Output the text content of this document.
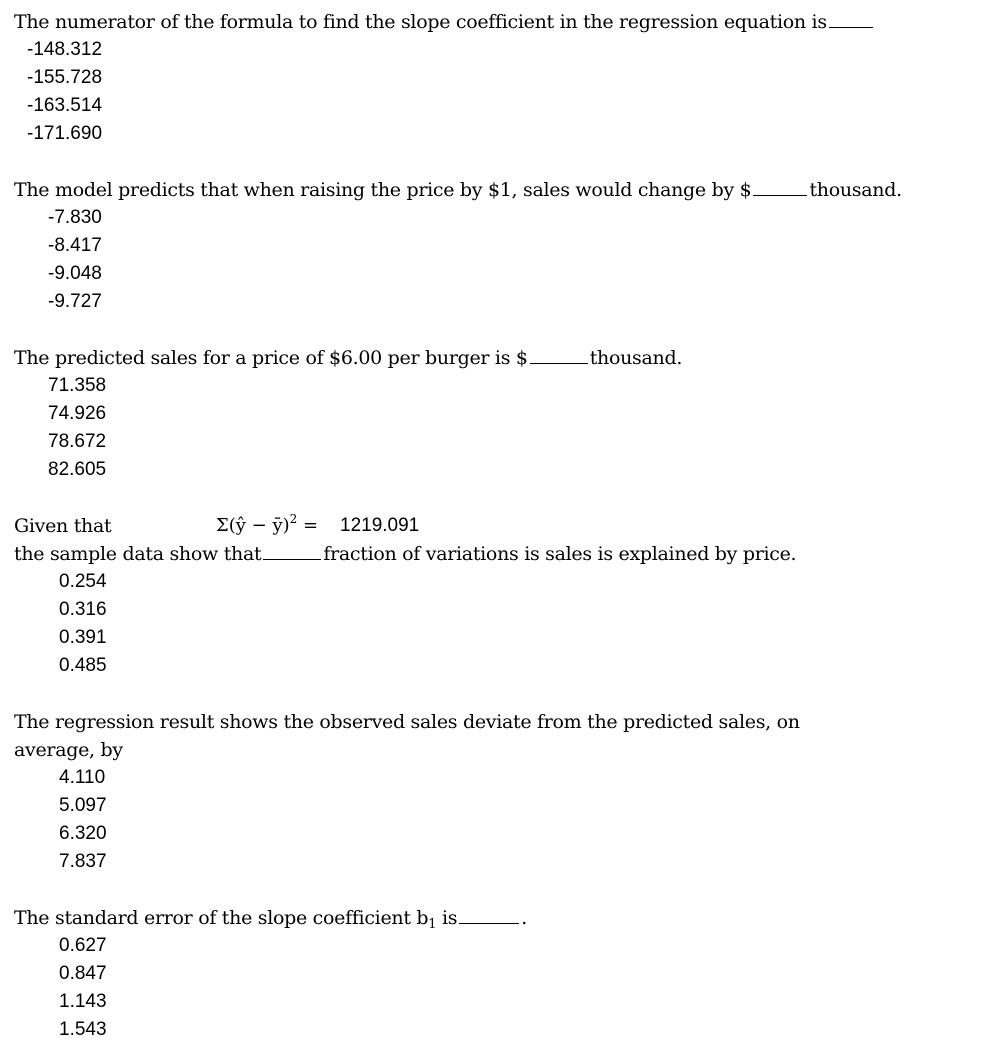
The numerator of the formula to find the slope coefficient in the regression equation is
-148.312
-155.728
-163.514
-171.690
The model predicts that when raising the price by $1, sales would change by $	thousand.
-7.830
-8.417
-9.048
-9.727
The predicted sales for a price of $6.00 per burger is $	thousand.
71.358
74.926
78.672
82.605
Given that	Σ(ŷ − ȳ)$^2$ = 1219.091
the sample data show that	fraction of variations is sales is explained by price.
0.254
0.316
0.391
0.485
The regression result shows the observed sales deviate from the predicted sales, on
average, by
4.110
5.097
6.320
7.837
The standard error of the slope coefficient $b_1$ is	.
0.627
0.847
1.143
1.543
